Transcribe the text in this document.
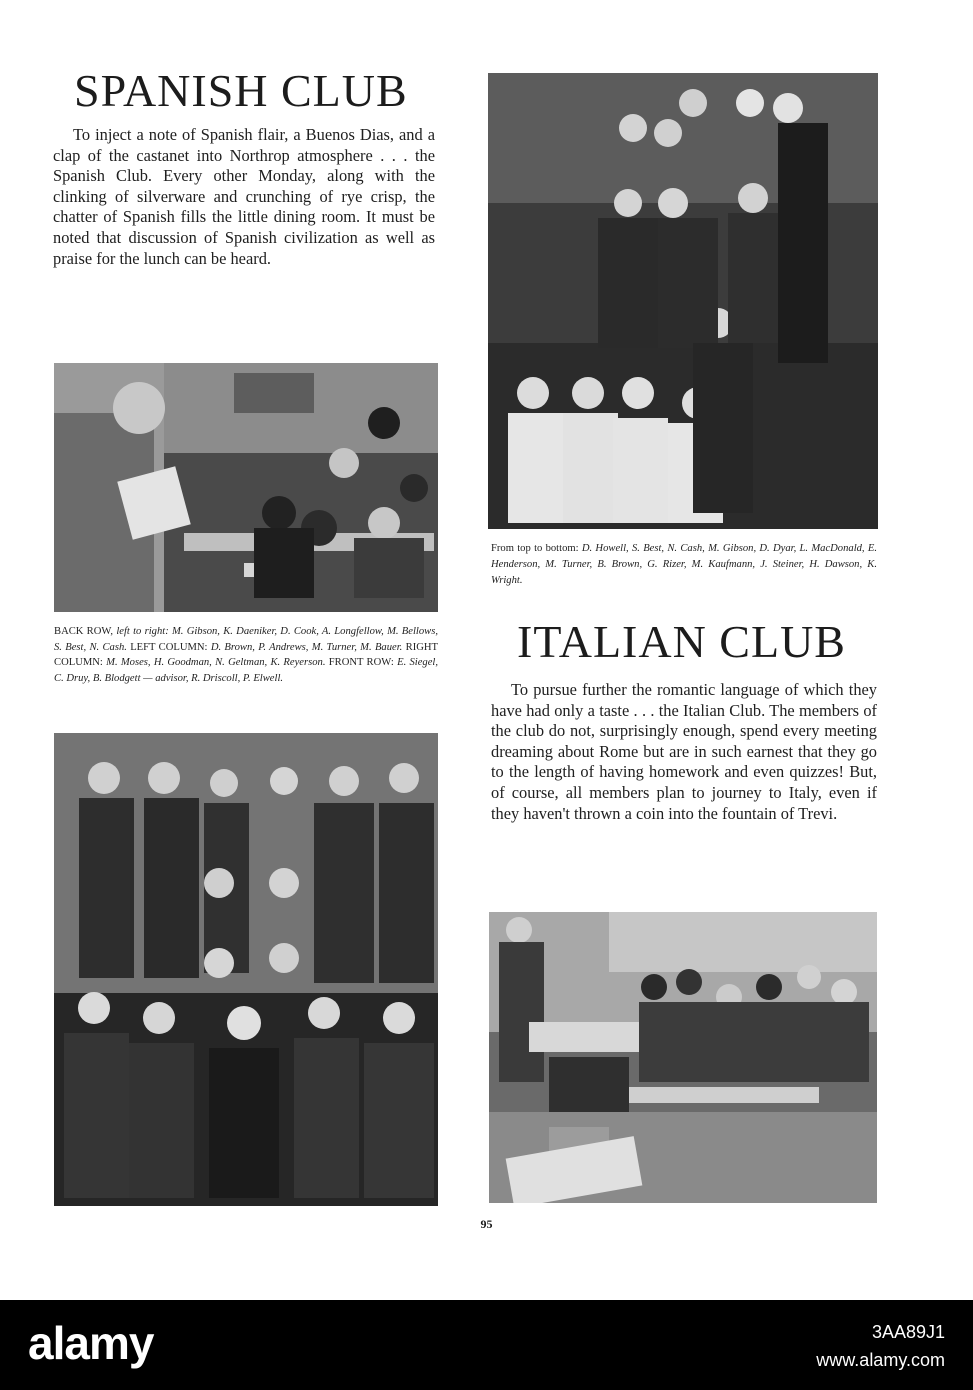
SPANISH CLUB

To inject a note of Spanish flair, a Buenos Dias, and a clap of the castanet into Northrop atmosphere . . . the Spanish Club. Every other Monday, along with the clinking of silverware and crunching of rye crisp, the chatter of Spanish fills the little dining room. It must be noted that discussion of Spanish civilization as well as praise for the lunch can be heard.

BACK ROW, left to right: M. Gibson, K. Daeniker, D. Cook, A. Longfellow, M. Bellows, S. Best, N. Cash. LEFT COLUMN: D. Brown, P. Andrews, M. Turner, M. Bauer. RIGHT COLUMN: M. Moses, H. Goodman, N. Geltman, K. Reyerson. FRONT ROW: E. Siegel, C. Druy, B. Blodgett — advisor, R. Driscoll, P. Elwell.

From top to bottom: D. Howell, S. Best, N. Cash, M. Gibson, D. Dyar, L. MacDonald, E. Henderson, M. Turner, B. Brown, G. Rizer, M. Kaufmann, J. Steiner, H. Dawson, K. Wright.

ITALIAN CLUB

To pursue further the romantic language of which they have had only a taste . . . the Italian Club. The members of the club do not, surprisingly enough, spend every meeting dreaming about Rome but are in such earnest that they go to the length of having homework and even quizzes! But, of course, all members plan to journey to Italy, even if they haven't thrown a coin into the fountain of Trevi.

95
alamy	3AA89J1
www.alamy.com
